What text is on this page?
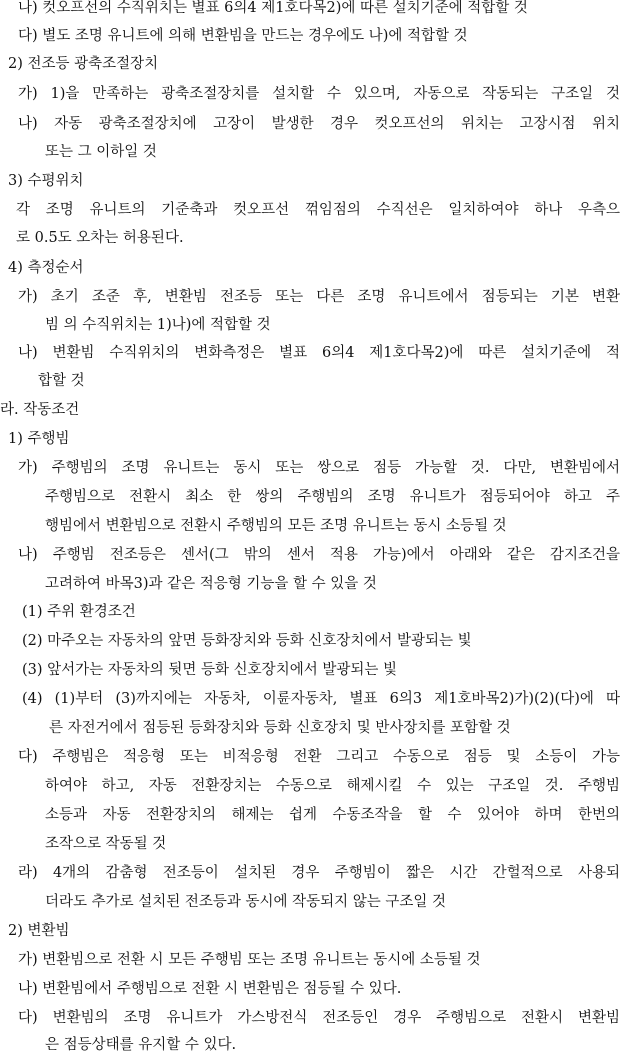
나) 컷오프선의 수직위치는 별표 6의4 제1호다목2)에 따른 설치기준에 적합할 것
다) 별도 조명 유니트에 의해 변환빔을 만드는 경우에도 나)에 적합할 것
2) 전조등 광축조절장치
가) 1)을 만족하는 광축조절장치를 설치할 수 있으며, 자동으로 작동되는 구조일 것
나) 자동 광축조절장치에 고장이 발생한 경우 컷오프선의 위치는 고장시점 위치
또는 그 이하일 것
3) 수평위치
각 조명 유니트의 기준축과 컷오프선 꺾임점의 수직선은 일치하여야 하나 우측으
로 0.5도 오차는 허용된다.
4) 측정순서
가) 초기 조준 후, 변환빔 전조등 또는 다른 조명 유니트에서 점등되는 기본 변환
빔 의 수직위치는 1)나)에 적합할 것
나) 변환빔 수직위치의 변화측정은 별표 6의4 제1호다목2)에 따른 설치기준에 적
합할 것
라. 작동조건
1) 주행빔
가) 주행빔의 조명 유니트는 동시 또는 쌍으로 점등 가능할 것. 다만, 변환빔에서
주행빔으로 전환시 최소 한 쌍의 주행빔의 조명 유니트가 점등되어야 하고 주
행빔에서 변환빔으로 전환시 주행빔의 모든 조명 유니트는 동시 소등될 것
나) 주행빔 전조등은 센서(그 밖의 센서 적용 가능)에서 아래와 같은 감지조건을
고려하여 바목3)과 같은 적응형 기능을 할 수 있을 것
(1) 주위 환경조건
(2) 마주오는 자동차의 앞면 등화장치와 등화 신호장치에서 발광되는 빛
(3) 앞서가는 자동차의 뒷면 등화 신호장치에서 발광되는 빛
(4) (1)부터 (3)까지에는 자동차, 이륜자동차, 별표 6의3 제1호바목2)가)(2)(다)에 따
른 자전거에서 점등된 등화장치와 등화 신호장치 및 반사장치를 포함할 것
다) 주행빔은 적응형 또는 비적응형 전환 그리고 수동으로 점등 및 소등이 가능
하여야 하고, 자동 전환장치는 수동으로 해제시킬 수 있는 구조일 것. 주행빔
소등과 자동 전환장치의 해제는 쉽게 수동조작을 할 수 있어야 하며 한번의
조작으로 작동될 것
라) 4개의 감춤형 전조등이 설치된 경우 주행빔이 짧은 시간 간헐적으로 사용되
더라도 추가로 설치된 전조등과 동시에 작동되지 않는 구조일 것
2) 변환빔
가) 변환빔으로 전환 시 모든 주행빔 또는 조명 유니트는 동시에 소등될 것
나) 변환빔에서 주행빔으로 전환 시 변환빔은 점등될 수 있다.
다) 변환빔의 조명 유니트가 가스방전식 전조등인 경우 주행빔으로 전환시 변환빔
은 점등상태를 유지할 수 있다.
